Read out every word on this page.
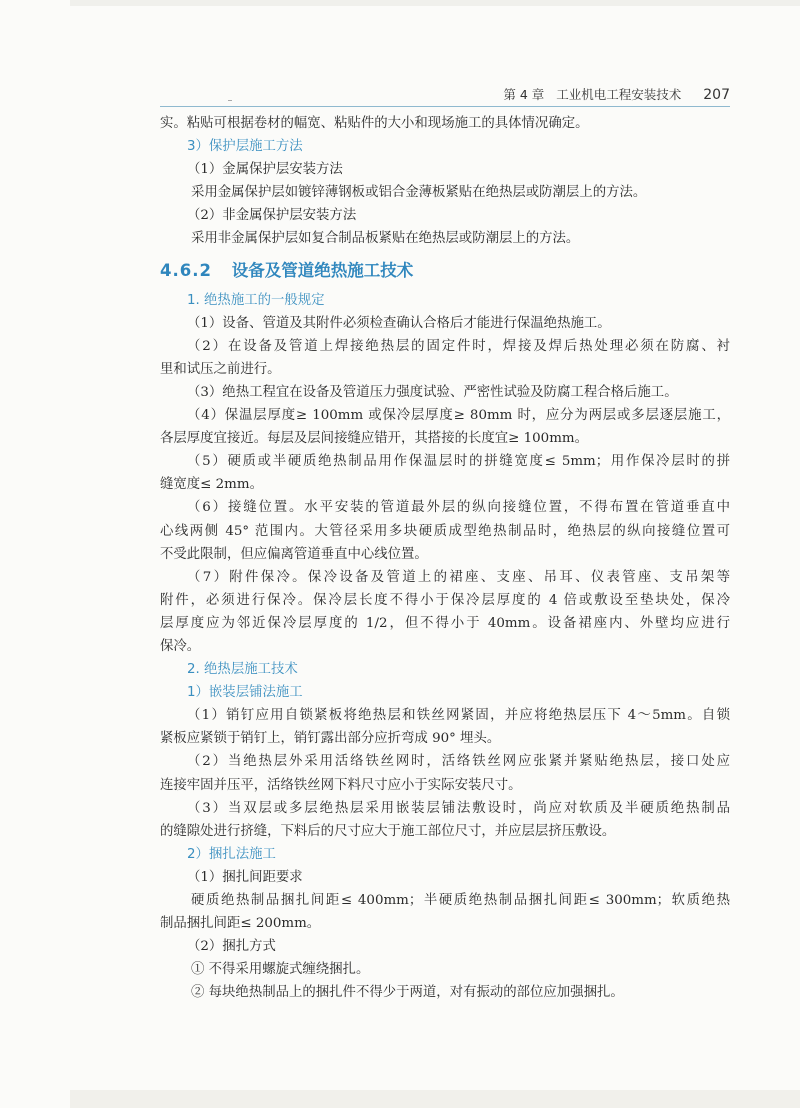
第 4 章 工业机电工程安装技术 207
实。粘贴可根据卷材的幅宽、粘贴件的大小和现场施工的具体情况确定。
3）保护层施工方法
（1）金属保护层安装方法
采用金属保护层如镀锌薄钢板或铝合金薄板紧贴在绝热层或防潮层上的方法。
（2）非金属保护层安装方法
采用非金属保护层如复合制品板紧贴在绝热层或防潮层上的方法。
4.6.2 设备及管道绝热施工技术
1. 绝热施工的一般规定
（1）设备、管道及其附件必须检查确认合格后才能进行保温绝热施工。
（2）在设备及管道上焊接绝热层的固定件时，焊接及焊后热处理必须在防腐、衬
里和试压之前进行。
（3）绝热工程宜在设备及管道压力强度试验、严密性试验及防腐工程合格后施工。
（4）保温层厚度≥ 100mm 或保冷层厚度≥ 80mm 时，应分为两层或多层逐层施工，
各层厚度宜接近。每层及层间接缝应错开，其搭接的长度宜≥ 100mm。
（5）硬质或半硬质绝热制品用作保温层时的拼缝宽度≤ 5mm；用作保冷层时的拼
缝宽度≤ 2mm。
（6）接缝位置。水平安装的管道最外层的纵向接缝位置，不得布置在管道垂直中
心线两侧 45° 范围内。大管径采用多块硬质成型绝热制品时，绝热层的纵向接缝位置可
不受此限制，但应偏离管道垂直中心线位置。
（7）附件保冷。保冷设备及管道上的裙座、支座、吊耳、仪表管座、支吊架等
附件，必须进行保冷。保冷层长度不得小于保冷层厚度的 4 倍或敷设至垫块处，保冷
层厚度应为邻近保冷层厚度的 1/2，但不得小于 40mm。设备裙座内、外壁均应进行
保冷。
2. 绝热层施工技术
1）嵌装层铺法施工
（1）销钉应用自锁紧板将绝热层和铁丝网紧固，并应将绝热层压下 4～5mm。自锁
紧板应紧锁于销钉上，销钉露出部分应折弯成 90° 埋头。
（2）当绝热层外采用活络铁丝网时，活络铁丝网应张紧并紧贴绝热层，接口处应
连接牢固并压平，活络铁丝网下料尺寸应小于实际安装尺寸。
（3）当双层或多层绝热层采用嵌装层铺法敷设时，尚应对软质及半硬质绝热制品
的缝隙处进行挤缝，下料后的尺寸应大于施工部位尺寸，并应层层挤压敷设。
2）捆扎法施工
（1）捆扎间距要求
硬质绝热制品捆扎间距≤ 400mm；半硬质绝热制品捆扎间距≤ 300mm；软质绝热
制品捆扎间距≤ 200mm。
（2）捆扎方式
① 不得采用螺旋式缠绕捆扎。
② 每块绝热制品上的捆扎件不得少于两道，对有振动的部位应加强捆扎。
